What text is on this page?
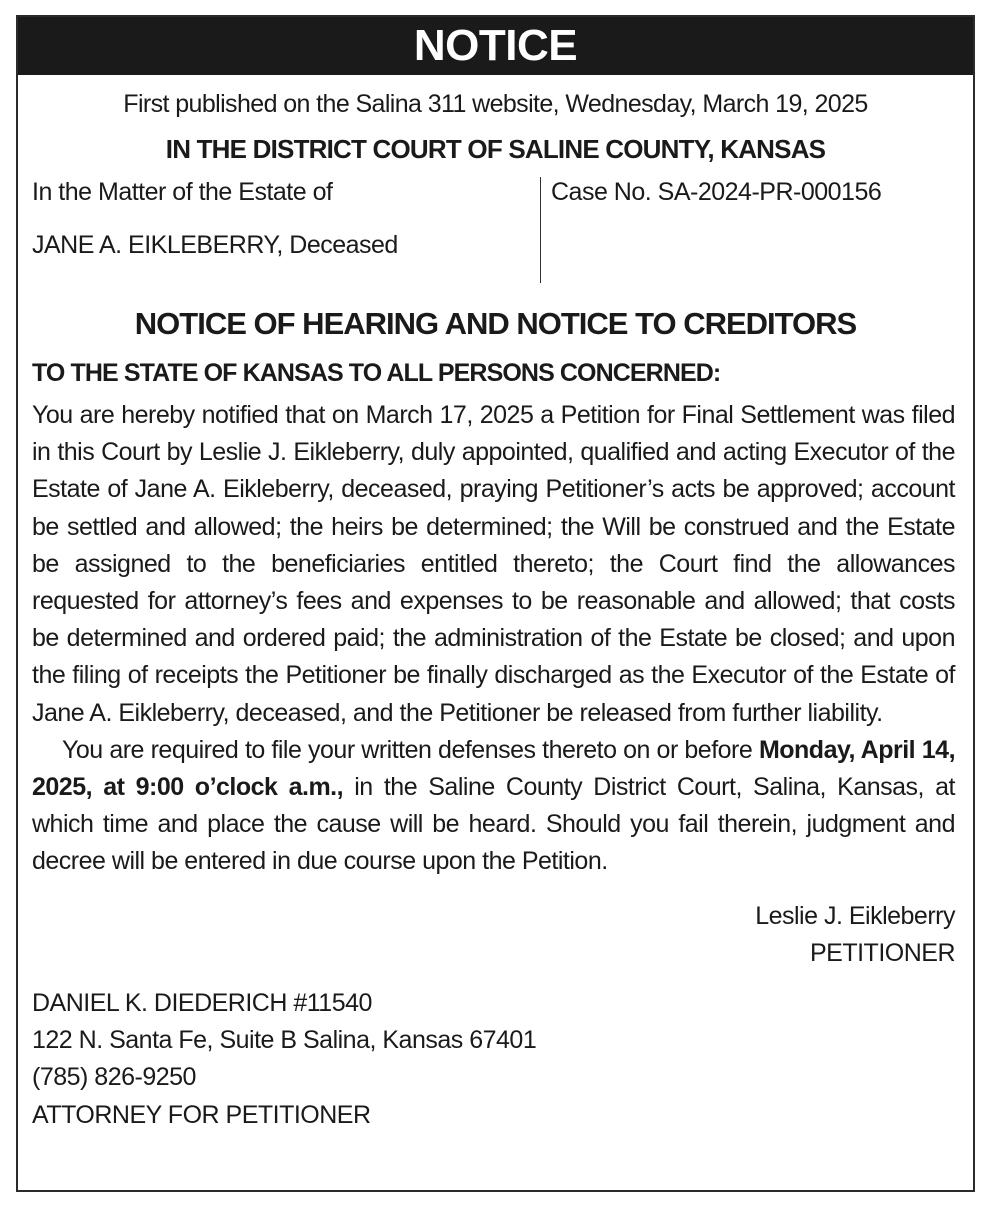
NOTICE
First published on the Salina 311 website, Wednesday, March 19, 2025
IN THE DISTRICT COURT OF SALINE COUNTY, KANSAS
In the Matter of the Estate of
JANE A. EIKLEBERRY, Deceased
Case No. SA-2024-PR-000156
NOTICE OF HEARING AND NOTICE TO CREDITORS
TO THE STATE OF KANSAS TO ALL PERSONS CONCERNED:
You are hereby notified that on March 17, 2025 a Petition for Final Settlement was filed in this Court by Leslie J. Eikleberry, duly appointed, qualified and acting Executor of the Estate of Jane A. Eikleberry, deceased, praying Petitioner’s acts be approved; account be settled and allowed; the heirs be determined; the Will be construed and the Estate be assigned to the beneficiaries entitled thereto; the Court find the allowances requested for attorney’s fees and expenses to be reasonable and allowed; that costs be determined and ordered paid; the administration of the Estate be closed; and upon the filing of receipts the Petitioner be finally discharged as the Executor of the Estate of Jane A. Eikleberry, deceased, and the Petitioner be released from further liability.
You are required to file your written defenses thereto on or before Monday, April 14, 2025, at 9:00 o’clock a.m., in the Saline County District Court, Salina, Kansas, at which time and place the cause will be heard. Should you fail therein, judgment and decree will be entered in due course upon the Petition.
Leslie J. Eikleberry
PETITIONER
DANIEL K. DIEDERICH #11540
122 N. Santa Fe, Suite B Salina, Kansas 67401
(785) 826-9250
ATTORNEY FOR PETITIONER
